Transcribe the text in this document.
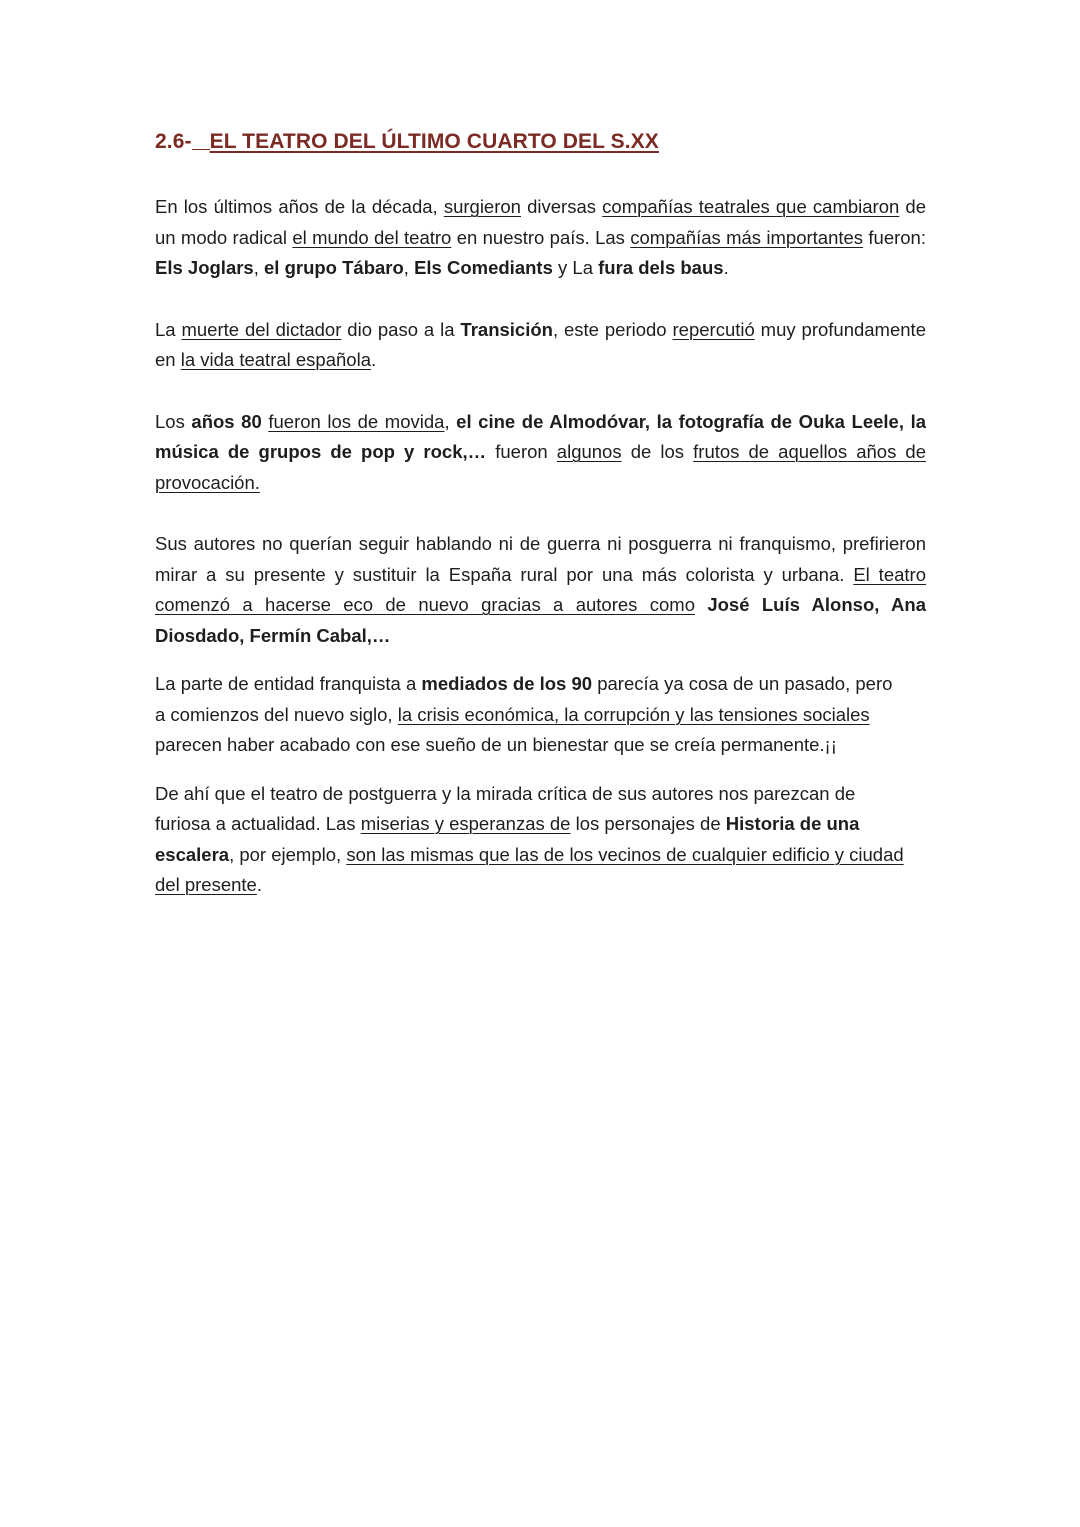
2.6- EL TEATRO DEL ÚLTIMO CUARTO DEL S.XX

En los últimos años de la década, surgieron diversas compañías teatrales que cambiaron de un modo radical el mundo del teatro en nuestro país. Las compañías más importantes fueron: Els Joglars, el grupo Tábaro, Els Comediants y La fura dels baus.

La muerte del dictador dio paso a la Transición, este periodo repercutió muy profundamente en la vida teatral española.

Los años 80 fueron los de movida, el cine de Almodóvar, la fotografía de Ouka Leele, la música de grupos de pop y rock,… fueron algunos de los frutos de aquellos años de provocación.

Sus autores no querían seguir hablando ni de guerra ni posguerra ni franquismo, prefirieron mirar a su presente y sustituir la España rural por una más colorista y urbana. El teatro comenzó a hacerse eco de nuevo gracias a autores como José Luís Alonso, Ana Diosdado, Fermín Cabal,…

La parte de entidad franquista a mediados de los 90 parecía ya cosa de un pasado, pero a comienzos del nuevo siglo, la crisis económica, la corrupción y las tensiones sociales parecen haber acabado con ese sueño de un bienestar que se creía permanente.¡¡

De ahí que el teatro de postguerra y la mirada crítica de sus autores nos parezcan de furiosa a actualidad. Las miserias y esperanzas de los personajes de Historia de una escalera, por ejemplo, son las mismas que las de los vecinos de cualquier edificio y ciudad del presente.
